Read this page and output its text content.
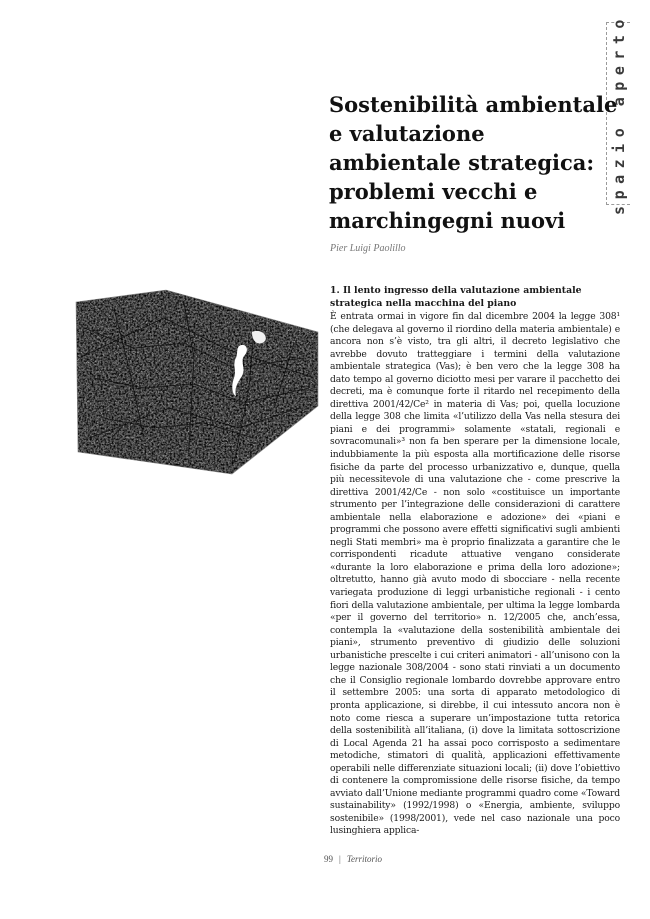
spazio aperto
Sostenibilità ambientale e valutazione ambientale strategica: problemi vecchi e marchingegni nuovi
Pier Luigi Paolillo
1. Il lento ingresso della valutazione ambientale strategica nella macchina del piano

È entrata ormai in vigore fin dal dicembre 2004 la legge 308¹ (che delegava al governo il riordino della materia ambientale) e ancora non s’è visto, tra gli altri, il decreto legislativo che avrebbe dovuto tratteggiare i termini della valutazione ambientale strategica (Vas); è ben vero che la legge 308 ha dato tempo al governo diciotto mesi per varare il pacchetto dei decreti, ma è comunque forte il ritardo nel recepimento della direttiva 2001/42/Ce² in materia di Vas; poi, quella locuzione della legge 308 che limita «l’utilizzo della Vas nella stesura dei piani e dei programmi» solamente «statali, regionali e sovracomunali»³ non fa ben sperare per la dimensione locale, indubbiamente la più esposta alla mortificazione delle risorse fisiche da parte del processo urbanizzativo e, dunque, quella più necessitevole di una valutazione che - come prescrive la direttiva 2001/42/Ce - non solo «costituisce un importante strumento per l’integrazione delle considerazioni di carattere ambientale nella elaborazione e adozione» dei «piani e programmi che possono avere effetti significativi sugli ambienti negli Stati membri» ma è proprio finalizzata a garantire che le corrispondenti ricadute attuative vengano considerate «durante la loro elaborazione e prima della loro adozione»; oltretutto, hanno già avuto modo di sbocciare - nella recente variegata produzione di leggi urbanistiche regionali - i cento fiori della valutazione ambientale, per ultima la legge lombarda «per il governo del territorio» n. 12/2005 che, anch’essa, contempla la «valutazione della sostenibilità ambientale dei piani», strumento preventivo di giudizio delle soluzioni urbanistiche prescelte i cui criteri animatori - all’unisono con la legge nazionale 308/2004 - sono stati rinviati a un documento che il Consiglio regionale lombardo dovrebbe approvare entro il settembre 2005: una sorta di apparato metodologico di pronta applicazione, si direbbe, il cui intessuto ancora non è noto come riesca a superare un’impostazione tutta retorica della sostenibilità all’italiana, (i) dove la limitata sottoscrizione di Local Agenda 21 ha assai poco corrisposto a sedimentare metodiche, stimatori di qualità, applicazioni effettivamente operabili nelle differenziate situazioni locali; (ii) dove l’obiettivo di contenere la compromissione delle risorse fisiche, da tempo avviato dall’Unione mediante programmi quadro come «Toward sustainability» (1992/1998) o «Energia, ambiente, sviluppo sostenibile» (1998/2001), vede nel caso nazionale una poco lusinghiera applica-

99 | Territorio
